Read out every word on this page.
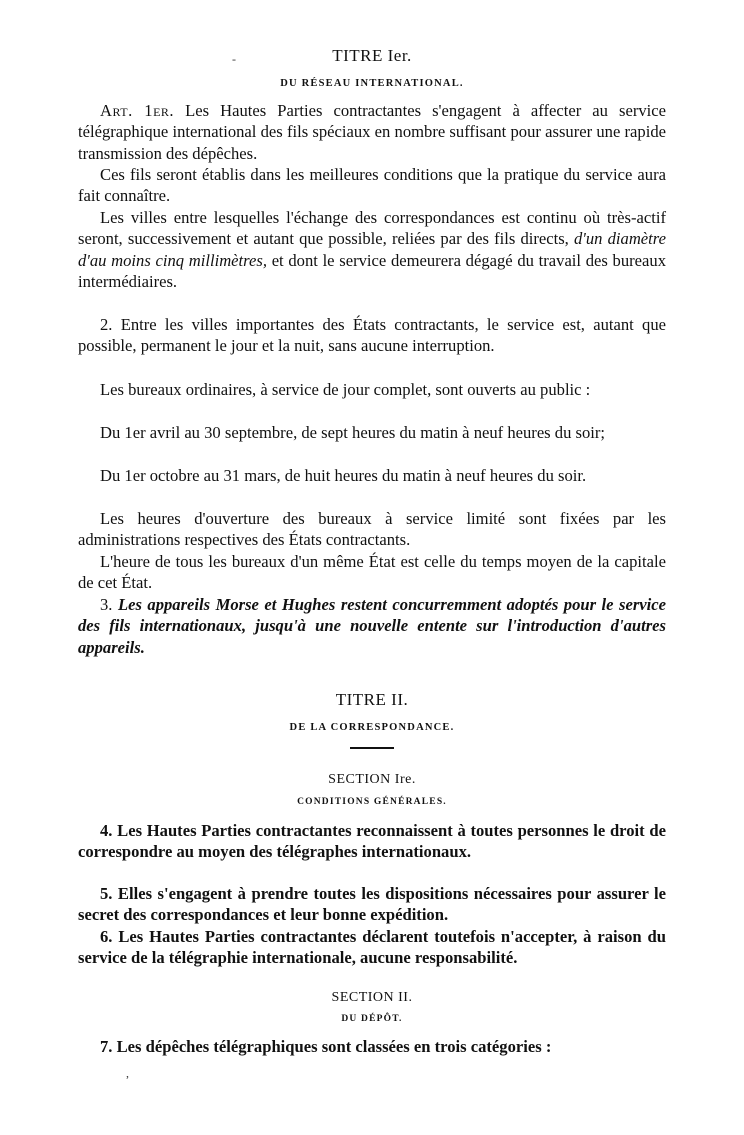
-	TITRE Ier.
DU RÉSEAU INTERNATIONAL.
Art. 1er. Les Hautes Parties contractantes s'engagent à affecter au service télégraphique international des fils spéciaux en nombre suffisant pour assurer une rapide transmission des dépêches.
Ces fils seront établis dans les meilleures conditions que la pratique du service aura fait connaître.
Les villes entre lesquelles l'échange des correspondances est continu où très-actif seront, successivement et autant que possible, reliées par des fils directs, d'un diamètre d'au moins cinq millimètres, et dont le service demeurera dégagé du travail des bureaux intermédiaires.
2. Entre les villes importantes des États contractants, le service est, autant que possible, permanent le jour et la nuit, sans aucune interruption.
Les bureaux ordinaires, à service de jour complet, sont ouverts au public :
Du 1er avril au 30 septembre, de sept heures du matin à neuf heures du soir;
Du 1er octobre au 31 mars, de huit heures du matin à neuf heures du soir.
Les heures d'ouverture des bureaux à service limité sont fixées par les administrations respectives des États contractants.
L'heure de tous les bureaux d'un même État est celle du temps moyen de la capitale de cet État.
3. Les appareils Morse et Hughes restent concurremment adoptés pour le service des fils internationaux, jusqu'à une nouvelle entente sur l'introduction d'autres appareils.
TITRE II.
DE LA CORRESPONDANCE.
SECTION Ire.
CONDITIONS GÉNÉRALES.
4. Les Hautes Parties contractantes reconnaissent à toutes personnes le droit de correspondre au moyen des télégraphes internationaux.
5. Elles s'engagent à prendre toutes les dispositions nécessaires pour assurer le secret des correspondances et leur bonne expédition.
6. Les Hautes Parties contractantes déclarent toutefois n'accepter, à raison du service de la télégraphie internationale, aucune responsabilité.
SECTION II.
DU DÉPÔT.
7. Les dépêches télégraphiques sont classées en trois catégories :
,
